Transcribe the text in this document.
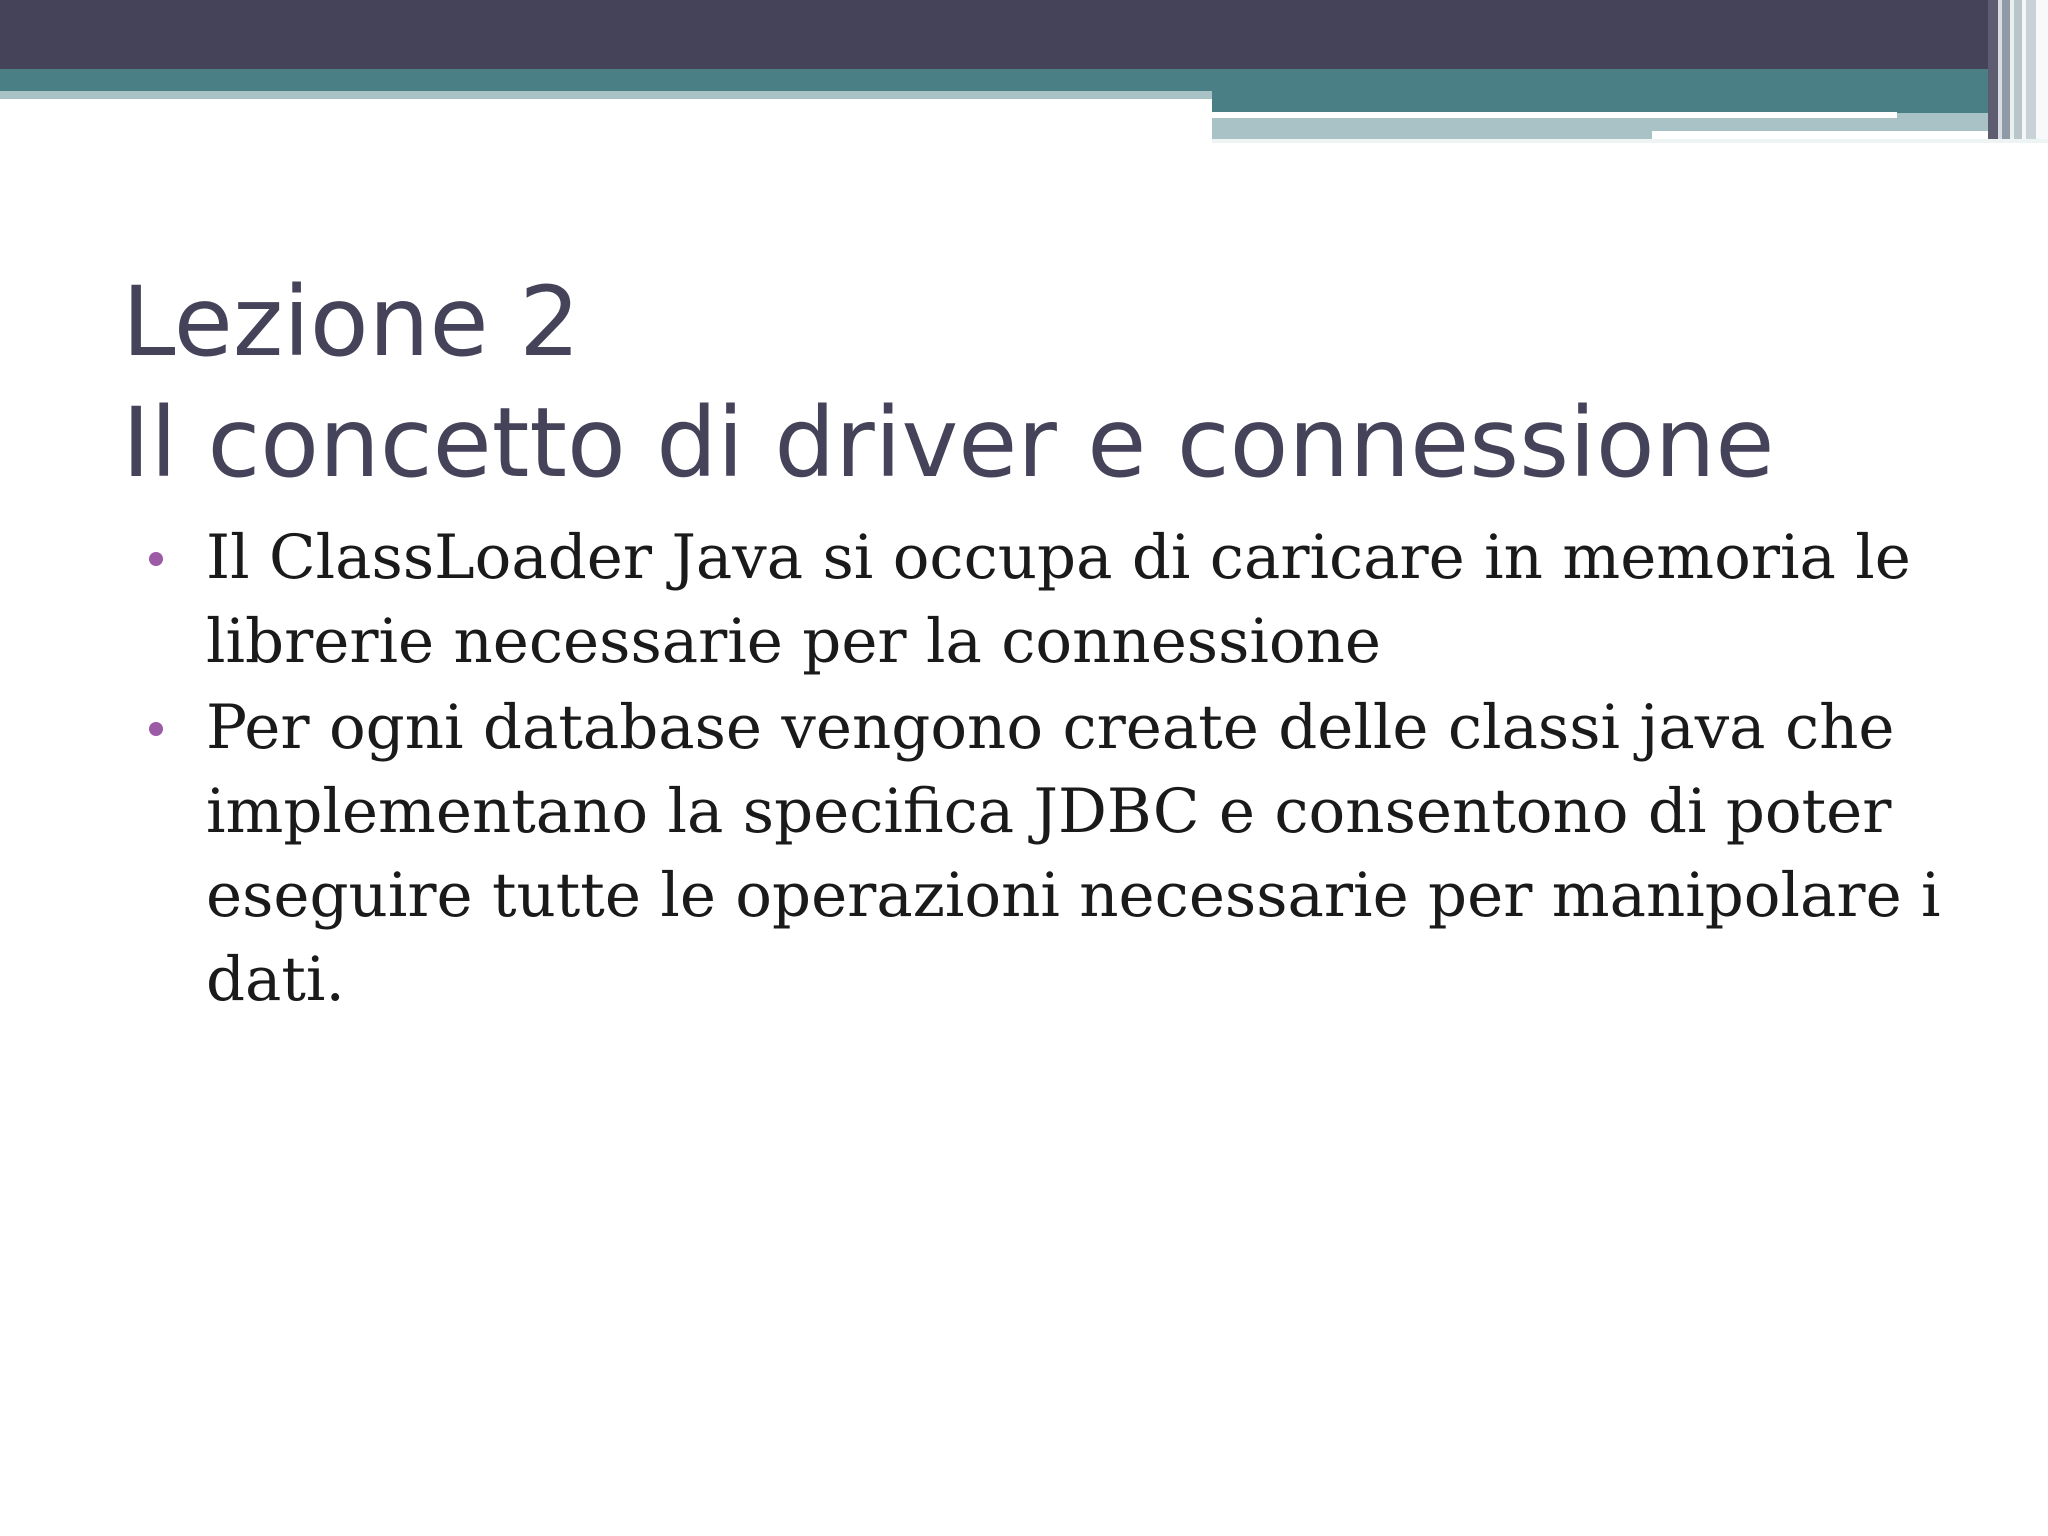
Lezione 2
Il concetto di driver e connessione
Il ClassLoader Java si occupa di caricare in memoria le librerie necessarie per la connessione
Per ogni database vengono create delle classi java che implementano la specifica JDBC e consentono di poter eseguire tutte le operazioni necessarie per manipolare i dati.
